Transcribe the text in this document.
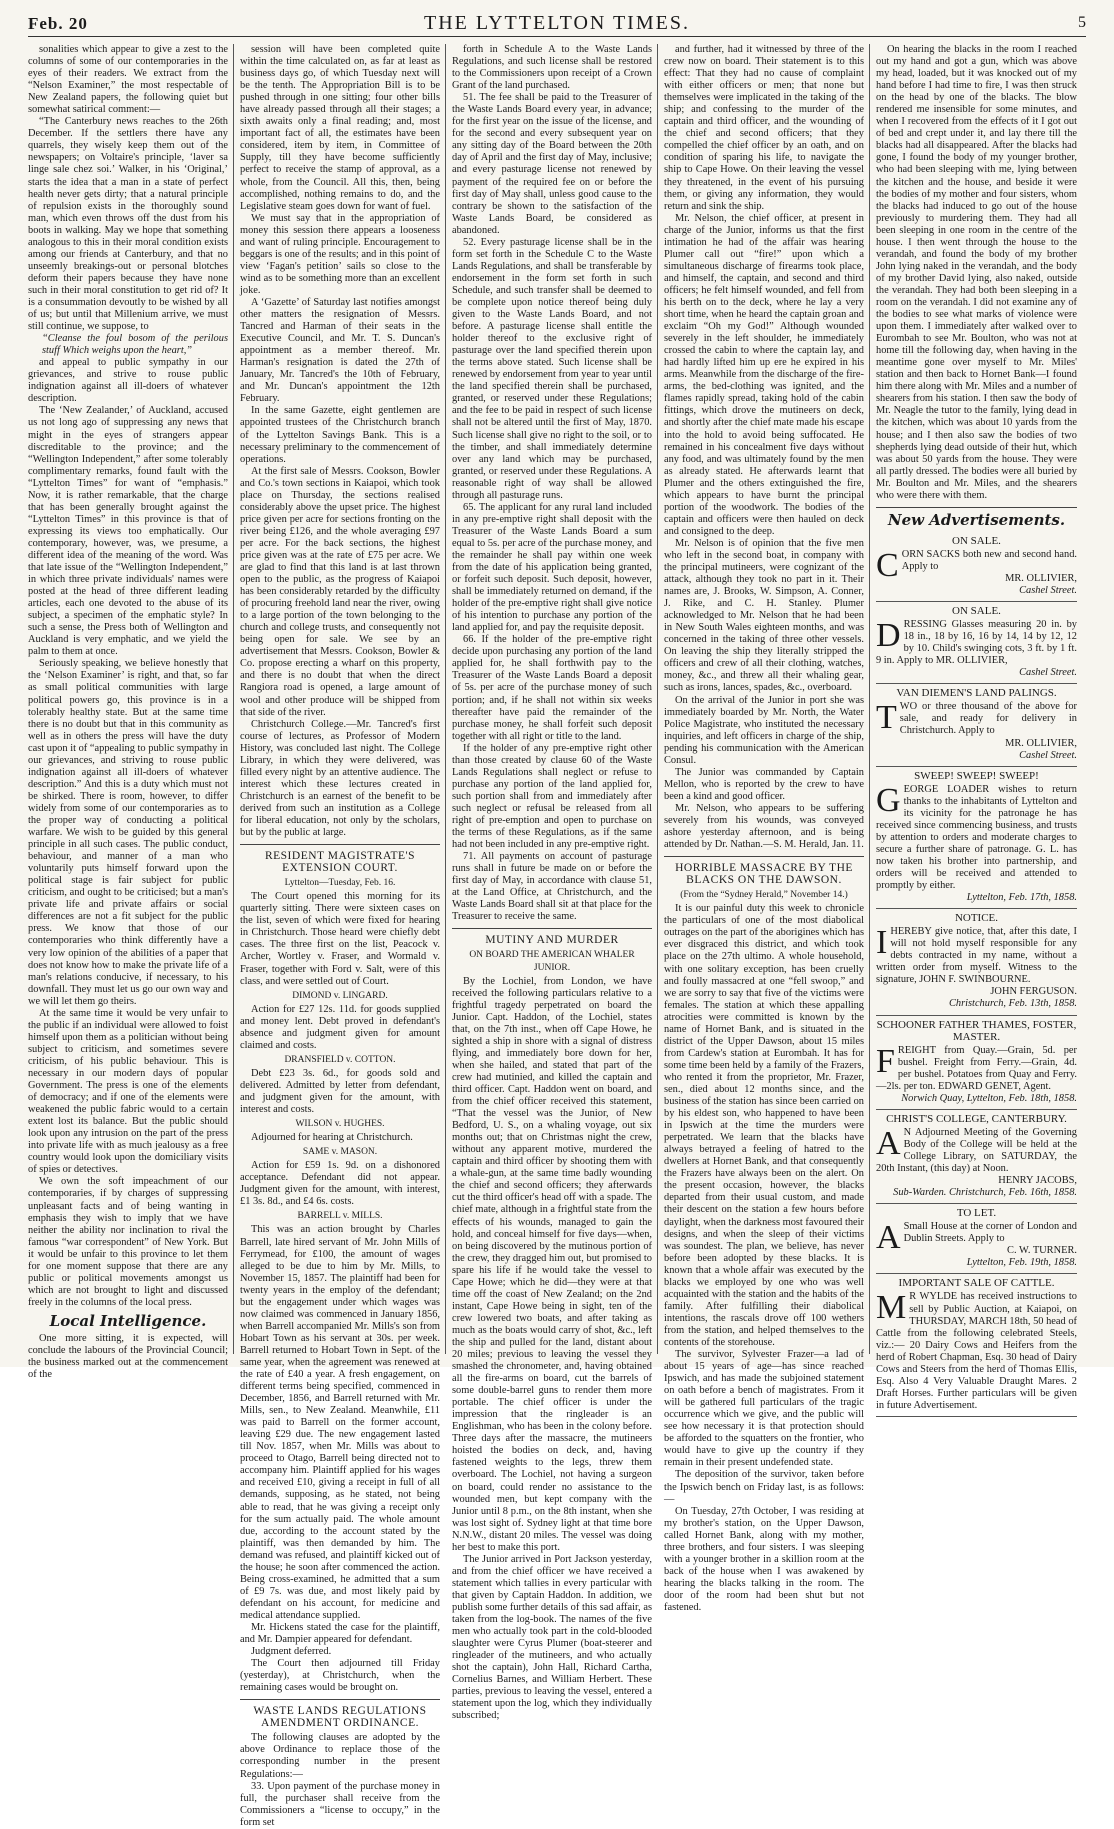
Feb. 20	THE LYTTELTON TIMES.	5

sonalities which appear to give a zest to the columns of some of our contemporaries in the eyes of their readers. We extract from the “Nelson Examiner,” the most respectable of New Zealand papers, the following quiet but somewhat satirical comment:—

“The Canterbury news reaches to the 26th December. If the settlers there have any quarrels, they wisely keep them out of the newspapers; on Voltaire's principle, ‘laver sa linge sale chez soi.’ Walker, in his ‘Original,’ starts the idea that a man in a state of perfect health never gets dirty; that a natural principle of repulsion exists in the thoroughly sound man, which even throws off the dust from his boots in walking. May we hope that something analogous to this in their moral condition exists among our friends at Canterbury, and that no unseemly breakings-out or personal blotches deform their papers because they have none such in their moral constitution to get rid of? It is a consummation devoutly to be wished by all of us; but until that Millenium arrive, we must still continue, we suppose, to

“Cleanse the foul bosom of the perilous stuff Which weighs upon the heart,”

and appeal to public sympathy in our grievances, and strive to rouse public indignation against all ill-doers of whatever description.

The ‘New Zealander,’ of Auckland, accused us not long ago of suppressing any news that might in the eyes of strangers appear discreditable to the province; and the “Wellington Independent,” after some tolerably complimentary remarks, found fault with the “Lyttelton Times” for want of “emphasis.” Now, it is rather remarkable, that the charge that has been generally brought against the “Lyttelton Times” in this province is that of expressing its views too emphatically. Our contemporary, however, was, we presume, a different idea of the meaning of the word. Was that late issue of the “Wellington Independent,” in which three private individuals' names were posted at the head of three different leading articles, each one devoted to the abuse of its subject, a specimen of the emphatic style? In such a sense, the Press both of Wellington and Auckland is very emphatic, and we yield the palm to them at once.

Seriously speaking, we believe honestly that the ‘Nelson Examiner’ is right, and that, so far as small political communities with large political powers go, this province is in a tolerably healthy state. But at the same time there is no doubt but that in this community as well as in others the press will have the duty cast upon it of “appealing to public sympathy in our grievances, and striving to rouse public indignation against all ill-doers of whatever description.” And this is a duty which must not be shirked. There is room, however, to differ widely from some of our contemporaries as to the proper way of conducting a political warfare. We wish to be guided by this general principle in all such cases. The public conduct, behaviour, and manner of a man who voluntarily puts himself forward upon the political stage is fair subject for public criticism, and ought to be criticised; but a man's private life and private affairs or social differences are not a fit subject for the public press. We know that those of our contemporaries who think differently have a very low opinion of the abilities of a paper that does not know how to make the private life of a man's relations conducive, if necessary, to his downfall. They must let us go our own way and we will let them go theirs.

At the same time it would be very unfair to the public if an individual were allowed to foist himself upon them as a politician without being subject to criticism, and sometimes severe criticism, of his public behaviour. This is necessary in our modern days of popular Government. The press is one of the elements of democracy; and if one of the elements were weakened the public fabric would to a certain extent lost its balance. But the public should look upon any intrusion on the part of the press into private life with as much jealousy as a free country would look upon the domiciliary visits of spies or detectives.

We own the soft impeachment of our contemporaries, if by charges of suppressing unpleasant facts and of being wanting in emphasis they wish to imply that we have neither the ability nor inclination to rival the famous “war correspondent” of New York. But it would be unfair to this province to let them for one moment suppose that there are any public or political movements amongst us which are not brought to light and discussed freely in the columns of the local press.

Local Intelligence.

One more sitting, it is expected, will conclude the labours of the Provincial Council; the business marked out at the commencement of the

session will have been completed quite within the time calculated on, as far at least as business days go, of which Tuesday next will be the tenth. The Appropriation Bill is to be pushed through in one sitting; four other bills have already passed through all their stages; a sixth awaits only a final reading; and, most important fact of all, the estimates have been considered, item by item, in Committee of Supply, till they have become sufficiently perfect to receive the stamp of approval, as a whole, from the Council. All this, then, being accomplished, nothing remains to do, and the Legislative steam goes down for want of fuel.

We must say that in the appropriation of money this session there appears a looseness and want of ruling principle. Encouragement to beggars is one of the results; and in this point of view ‘Fagan's petition’ sails so close to the wind as to be something more than an excellent joke.

A ‘Gazette’ of Saturday last notifies amongst other matters the resignation of Messrs. Tancred and Harman of their seats in the Executive Council, and Mr. T. S. Duncan's appointment as a member thereof. Mr. Harman's resignation is dated the 27th of January, Mr. Tancred's the 10th of February, and Mr. Duncan's appointment the 12th February.

In the same Gazette, eight gentlemen are appointed trustees of the Christchurch branch of the Lyttelton Savings Bank. This is a necessary preliminary to the commencement of operations.

At the first sale of Messrs. Cookson, Bowler and Co.'s town sections in Kaiapoi, which took place on Thursday, the sections realised considerably above the upset price. The highest price given per acre for sections fronting on the river being £126, and the whole averaging £97 per acre. For the back sections, the highest price given was at the rate of £75 per acre. We are glad to find that this land is at last thrown open to the public, as the progress of Kaiapoi has been considerably retarded by the difficulty of procuring freehold land near the river, owing to a large portion of the town belonging to the church and college trusts, and consequently not being open for sale. We see by an advertisement that Messrs. Cookson, Bowler & Co. propose erecting a wharf on this property, and there is no doubt that when the direct Rangiora road is opened, a large amount of wool and other produce will be shipped from that side of the river.

Christchurch College.—Mr. Tancred's first course of lectures, as Professor of Modern History, was concluded last night. The College Library, in which they were delivered, was filled every night by an attentive audience. The interest which these lectures created in Christchurch is an earnest of the benefit to be derived from such an institution as a College for liberal education, not only by the scholars, but by the public at large.

RESIDENT MAGISTRATE'S EXTENSION COURT.

Lyttelton—Tuesday, Feb. 16.

The Court opened this morning for its quarterly sitting. There were sixteen cases on the list, seven of which were fixed for hearing in Christchurch. Those heard were chiefly debt cases. The three first on the list, Peacock v. Archer, Wortley v. Fraser, and Wormald v. Fraser, together with Ford v. Salt, were of this class, and were settled out of Court.

DIMOND v. LINGARD.

Action for £27 12s. 11d. for goods supplied and money lent. Debt proved in defendant's absence and judgment given for amount claimed and costs.

DRANSFIELD v. COTTON.

Debt £23 3s. 6d., for goods sold and delivered. Admitted by letter from defendant, and judgment given for the amount, with interest and costs.

WILSON v. HUGHES.

Adjourned for hearing at Christchurch.

SAME v. MASON.

Action for £59 1s. 9d. on a dishonored acceptance. Defendant did not appear. Judgment given for the amount, with interest, £1 3s. 8d., and £4 6s. costs.

BARRELL v. MILLS.

This was an action brought by Charles Barrell, late hired servant of Mr. John Mills of Ferrymead, for £100, the amount of wages alleged to be due to him by Mr. Mills, to November 15, 1857. The plaintiff had been for twenty years in the employ of the defendant; but the engagement under which wages was now claimed was commenced in January 1856, when Barrell accompanied Mr. Mills's son from Hobart Town as his servant at 30s. per week. Barrell returned to Hobart Town in Sept. of the same year, when the agreement was renewed at the rate of £40 a year. A fresh engagement, on different terms being specified, commenced in December, 1856, and Barrell returned with Mr. Mills, sen., to New Zealand. Meanwhile, £11 was paid to Barrell on the former account, leaving £29 due. The new engagement lasted till Nov. 1857, when Mr. Mills was about to proceed to Otago, Barrell being directed not to accompany him. Plaintiff applied for his wages and received £10, giving a receipt in full of all demands, supposing, as he stated, not being able to read, that he was giving a receipt only for the sum actually paid. The whole amount due, according to the account stated by the plaintiff, was then demanded by him. The demand was refused, and plaintiff kicked out of the house; he soon after commenced the action. Being cross-examined, he admitted that a sum of £9 7s. was due, and most likely paid by defendant on his account, for medicine and medical attendance supplied.

Mr. Hickens stated the case for the plaintiff, and Mr. Dampier appeared for defendant.

Judgment deferred.

The Court then adjourned till Friday (yesterday), at Christchurch, when the remaining cases would be brought on.

WASTE LANDS REGULATIONS AMENDMENT ORDINANCE.

The following clauses are adopted by the above Ordinance to replace those of the corresponding number in the present Regulations:—

33. Upon payment of the purchase money in full, the purchaser shall receive from the Commissioners a “license to occupy,” in the form set

forth in Schedule A to the Waste Lands Regulations, and such license shall be restored to the Commissioners upon receipt of a Crown Grant of the land purchased.

51. The fee shall be paid to the Treasurer of the Waste Lands Board every year, in advance; for the first year on the issue of the license, and for the second and every subsequent year on any sitting day of the Board between the 20th day of April and the first day of May, inclusive; and every pasturage license not renewed by payment of the required fee on or before the first day of May shall, unless good cause to the contrary be shown to the satisfaction of the Waste Lands Board, be considered as abandoned.

52. Every pasturage license shall be in the form set forth in the Schedule C to the Waste Lands Regulations, and shall be transferable by endorsement in the form set forth in such Schedule, and such transfer shall be deemed to be complete upon notice thereof being duly given to the Waste Lands Board, and not before. A pasturage license shall entitle the holder thereof to the exclusive right of pasturage over the land specified therein upon the terms above stated. Such license shall be renewed by endorsement from year to year until the land specified therein shall be purchased, granted, or reserved under these Regulations; and the fee to be paid in respect of such license shall not be altered until the first of May, 1870. Such license shall give no right to the soil, or to the timber, and shall immediately determine over any land which may be purchased, granted, or reserved under these Regulations. A reasonable right of way shall be allowed through all pasturage runs.

65. The applicant for any rural land included in any pre-emptive right shall deposit with the Treasurer of the Waste Lands Board a sum equal to 5s. per acre of the purchase money, and the remainder he shall pay within one week from the date of his application being granted, or forfeit such deposit. Such deposit, however, shall be immediately returned on demand, if the holder of the pre-emptive right shall give notice of his intention to purchase any portion of the land applied for, and pay the requisite deposit.

66. If the holder of the pre-emptive right decide upon purchasing any portion of the land applied for, he shall forthwith pay to the Treasurer of the Waste Lands Board a deposit of 5s. per acre of the purchase money of such portion; and, if he shall not within six weeks thereafter have paid the remainder of the purchase money, he shall forfeit such deposit together with all right or title to the land.

If the holder of any pre-emptive right other than those created by clause 60 of the Waste Lands Regulations shall neglect or refuse to purchase any portion of the land applied for, such portion shall from and immediately after such neglect or refusal be released from all right of pre-emption and open to purchase on the terms of these Regulations, as if the same had not been included in any pre-emptive right.

71. All payments on account of pasturage runs shall in future be made on or before the first day of May, in accordance with clause 51, at the Land Office, at Christchurch, and the Waste Lands Board shall sit at that place for the Treasurer to receive the same.

MUTINY AND MURDER

ON BOARD THE AMERICAN WHALER JUNIOR.

By the Lochiel, from London, we have received the following particulars relative to a frightful tragedy perpetrated on board the Junior. Capt. Haddon, of the Lochiel, states that, on the 7th inst., when off Cape Howe, he sighted a ship in shore with a signal of distress flying, and immediately bore down for her, when she hailed, and stated that part of the crew had mutinied, and killed the captain and third officer. Capt. Haddon went on board, and from the chief officer received this statement, “That the vessel was the Junior, of New Bedford, U. S., on a whaling voyage, out six months out; that on Christmas night the crew, without any apparent motive, murdered the captain and third officer by shooting them with a whale-gun, at the same time badly wounding the chief and second officers; they afterwards cut the third officer's head off with a spade. The chief mate, although in a frightful state from the effects of his wounds, managed to gain the hold, and conceal himself for five days—when, on being discovered by the mutinous portion of the crew, they dragged him out, but promised to spare his life if he would take the vessel to Cape Howe; which he did—they were at that time off the coast of New Zealand; on the 2nd instant, Cape Howe being in sight, ten of the crew lowered two boats, and after taking as much as the boats would carry of shot, &c., left the ship and pulled for the land, distant about 20 miles; previous to leaving the vessel they smashed the chronometer, and, having obtained all the fire-arms on board, cut the barrels of some double-barrel guns to render them more portable. The chief officer is under the impression that the ringleader is an Englishman, who has been in the colony before. Three days after the massacre, the mutineers hoisted the bodies on deck, and, having fastened weights to the legs, threw them overboard. The Lochiel, not having a surgeon on board, could render no assistance to the wounded men, but kept company with the Junior until 8 p.m., on the 8th instant, when she was lost sight of. Sydney light at that time bore N.N.W., distant 20 miles. The vessel was doing her best to make this port.

The Junior arrived in Port Jackson yesterday, and from the chief officer we have received a statement which tallies in every particular with that given by Captain Haddon. In addition, we publish some further details of this sad affair, as taken from the log-book. The names of the five men who actually took part in the cold-blooded slaughter were Cyrus Plumer (boat-steerer and ringleader of the mutineers, and who actually shot the captain), John Hall, Richard Cartha, Cornelius Barnes, and William Herbert. These parties, previous to leaving the vessel, entered a statement upon the log, which they individually subscribed;

and further, had it witnessed by three of the crew now on board. Their statement is to this effect: That they had no cause of complaint with either officers or men; that none but themselves were implicated in the taking of the ship; and confessing to the murder of the captain and third officer, and the wounding of the chief and second officers; that they compelled the chief officer by an oath, and on condition of sparing his life, to navigate the ship to Cape Howe. On their leaving the vessel they threatened, in the event of his pursuing them, or giving any information, they would return and sink the ship.

Mr. Nelson, the chief officer, at present in charge of the Junior, informs us that the first intimation he had of the affair was hearing Plumer call out “fire!” upon which a simultaneous discharge of firearms took place, and himself, the captain, and second and third officers; he felt himself wounded, and fell from his berth on to the deck, where he lay a very short time, when he heard the captain groan and exclaim “Oh my God!” Although wounded severely in the left shoulder, he immediately crossed the cabin to where the captain lay, and had hardly lifted him up ere he expired in his arms. Meanwhile from the discharge of the fire-arms, the bed-clothing was ignited, and the flames rapidly spread, taking hold of the cabin fittings, which drove the mutineers on deck, and shortly after the chief mate made his escape into the hold to avoid being suffocated. He remained in his concealment five days without any food, and was ultimately found by the men as already stated. He afterwards learnt that Plumer and the others extinguished the fire, which appears to have burnt the principal portion of the woodwork. The bodies of the captain and officers were then hauled on deck and consigned to the deep.

Mr. Nelson is of opinion that the five men who left in the second boat, in company with the principal mutineers, were cognizant of the attack, although they took no part in it. Their names are, J. Brooks, W. Simpson, A. Conner, J. Rike, and C. H. Stanley. Plumer acknowledged to Mr. Nelson that he had been in New South Wales eighteen months, and was concerned in the taking of three other vessels. On leaving the ship they literally stripped the officers and crew of all their clothing, watches, money, &c., and threw all their whaling gear, such as irons, lances, spades, &c., overboard.

On the arrival of the Junior in port she was immediately boarded by Mr. North, the Water Police Magistrate, who instituted the necessary inquiries, and left officers in charge of the ship, pending his communication with the American Consul.

The Junior was commanded by Captain Mellon, who is reported by the crew to have been a kind and good officer.

Mr. Nelson, who appears to be suffering severely from his wounds, was conveyed ashore yesterday afternoon, and is being attended by Dr. Nathan.—S. M. Herald, Jan. 11.

HORRIBLE MASSACRE BY THE BLACKS ON THE DAWSON.

(From the “Sydney Herald,” November 14.)

It is our painful duty this week to chronicle the particulars of one of the most diabolical outrages on the part of the aborigines which has ever disgraced this district, and which took place on the 27th ultimo. A whole household, with one solitary exception, has been cruelly and foully massacred at one “fell swoop,” and we are sorry to say that five of the victims were females. The station at which these appalling atrocities were committed is known by the name of Hornet Bank, and is situated in the district of the Upper Dawson, about 15 miles from Cardew's station at Eurombah. It has for some time been held by a family of the Frazers, who rented it from the proprietor, Mr. Frazer, sen., died about 12 months since, and the business of the station has since been carried on by his eldest son, who happened to have been in Ipswich at the time the murders were perpetrated. We learn that the blacks have always betrayed a feeling of hatred to the dwellers at Hornet Bank, and that consequently the Frazers have always been on the alert. On the present occasion, however, the blacks departed from their usual custom, and made their descent on the station a few hours before daylight, when the darkness most favoured their designs, and when the sleep of their victims was soundest. The plan, we believe, has never before been adopted by these blacks. It is known that a whole affair was executed by the blacks we employed by one who was well acquainted with the station and the habits of the family. After fulfilling their diabolical intentions, the rascals drove off 100 wethers from the station, and helped themselves to the contents of the storehouse.

The survivor, Sylvester Frazer—a lad of about 15 years of age—has since reached Ipswich, and has made the subjoined statement on oath before a bench of magistrates. From it will be gathered full particulars of the tragic occurrence which we give, and the public will see how necessary it is that protection should be afforded to the squatters on the frontier, who would have to give up the country if they remain in their present undefended state.

The deposition of the survivor, taken before the Ipswich bench on Friday last, is as follows:—

On Tuesday, 27th October, I was residing at my brother's station, on the Upper Dawson, called Hornet Bank, along with my mother, three brothers, and four sisters. I was sleeping with a younger brother in a skillion room at the back of the house when I was awakened by hearing the blacks talking in the room. The door of the room had been shut but not fastened.

On hearing the blacks in the room I reached out my hand and got a gun, which was above my head, loaded, but it was knocked out of my hand before I had time to fire, I was then struck on the head by one of the blacks. The blow rendered me insensible for some minutes, and when I recovered from the effects of it I got out of bed and crept under it, and lay there till the blacks had all disappeared. After the blacks had gone, I found the body of my younger brother, who had been sleeping with me, lying between the kitchen and the house, and beside it were the bodies of my mother and four sisters, whom the blacks had induced to go out of the house previously to murdering them. They had all been sleeping in one room in the centre of the house. I then went through the house to the verandah, and found the body of my brother John lying naked in the verandah, and the body of my brother David lying, also naked, outside the verandah. They had both been sleeping in a room on the verandah. I did not examine any of the bodies to see what marks of violence were upon them. I immediately after walked over to Eurombah to see Mr. Boulton, who was not at home till the following day, when having in the meantime gone over myself to Mr. Miles' station and then back to Hornet Bank—I found him there along with Mr. Miles and a number of shearers from his station. I then saw the body of Mr. Neagle the tutor to the family, lying dead in the kitchen, which was about 10 yards from the house; and I then also saw the bodies of two shepherds lying dead outside of their hut, which was about 50 yards from the house. They were all partly dressed. The bodies were all buried by Mr. Boulton and Mr. Miles, and the shearers who were there with them.

New Advertisements.
ON SALE.
C ORN SACKS both new and second hand. Apply to
MR. OLLIVIER,
Cashel Street.
ON SALE.
D RESSING Glasses measuring 20 in. by 18 in., 18 by 16, 16 by 14, 14 by 12, 12 by 10. Child's swinging cots, 3 ft. by 1 ft. 9 in. Apply to MR. OLLIVIER,
Cashel Street.
VAN DIEMEN'S LAND PALINGS.
T WO or three thousand of the above for sale, and ready for delivery in Christchurch. Apply to
MR. OLLIVIER,
Cashel Street.
SWEEP! SWEEP! SWEEP!
G EORGE LOADER wishes to return thanks to the inhabitants of Lyttelton and its vicinity for the patronage he has received since commencing business, and trusts by attention to orders and moderate charges to secure a further share of patronage. G. L. has now taken his brother into partnership, and orders will be received and attended to promptly by either.
Lyttelton, Feb. 17th, 1858.
NOTICE.
I HEREBY give notice, that, after this date, I will not hold myself responsible for any debts contracted in my name, without a written order from myself. Witness to the signature, JOHN F. SWINBOURNE.
JOHN FERGUSON.
Christchurch, Feb. 13th, 1858.
SCHOONER FATHER THAMES, FOSTER, MASTER.
F REIGHT from Quay.—Grain, 5d. per bushel. Freight from Ferry.—Grain, 4d. per bushel. Potatoes from Quay and Ferry.—2ls. per ton. EDWARD GENET, Agent.
Norwich Quay, Lyttelton, Feb. 18th, 1858.
CHRIST'S COLLEGE, CANTERBURY.
A N Adjourned Meeting of the Governing Body of the College will be held at the College Library, on SATURDAY, the 20th Instant, (this day) at Noon.
HENRY JACOBS,
Sub-Warden. Christchurch, Feb. 16th, 1858.
TO LET.
A Small House at the corner of London and Dublin Streets. Apply to
C. W. TURNER.
Lyttelton, Feb. 19th, 1858.
IMPORTANT SALE OF CATTLE.
M R WYLDE has received instructions to sell by Public Auction, at Kaiapoi, on THURSDAY, MARCH 18th, 50 head of Cattle from the following celebrated Steels, viz.:— 20 Dairy Cows and Heifers from the herd of Robert Chapman, Esq. 30 head of Dairy Cows and Steers from the herd of Thomas Ellis, Esq. Also 4 Very Valuable Draught Mares. 2 Draft Horses. Further particulars will be given in future Advertisement.
